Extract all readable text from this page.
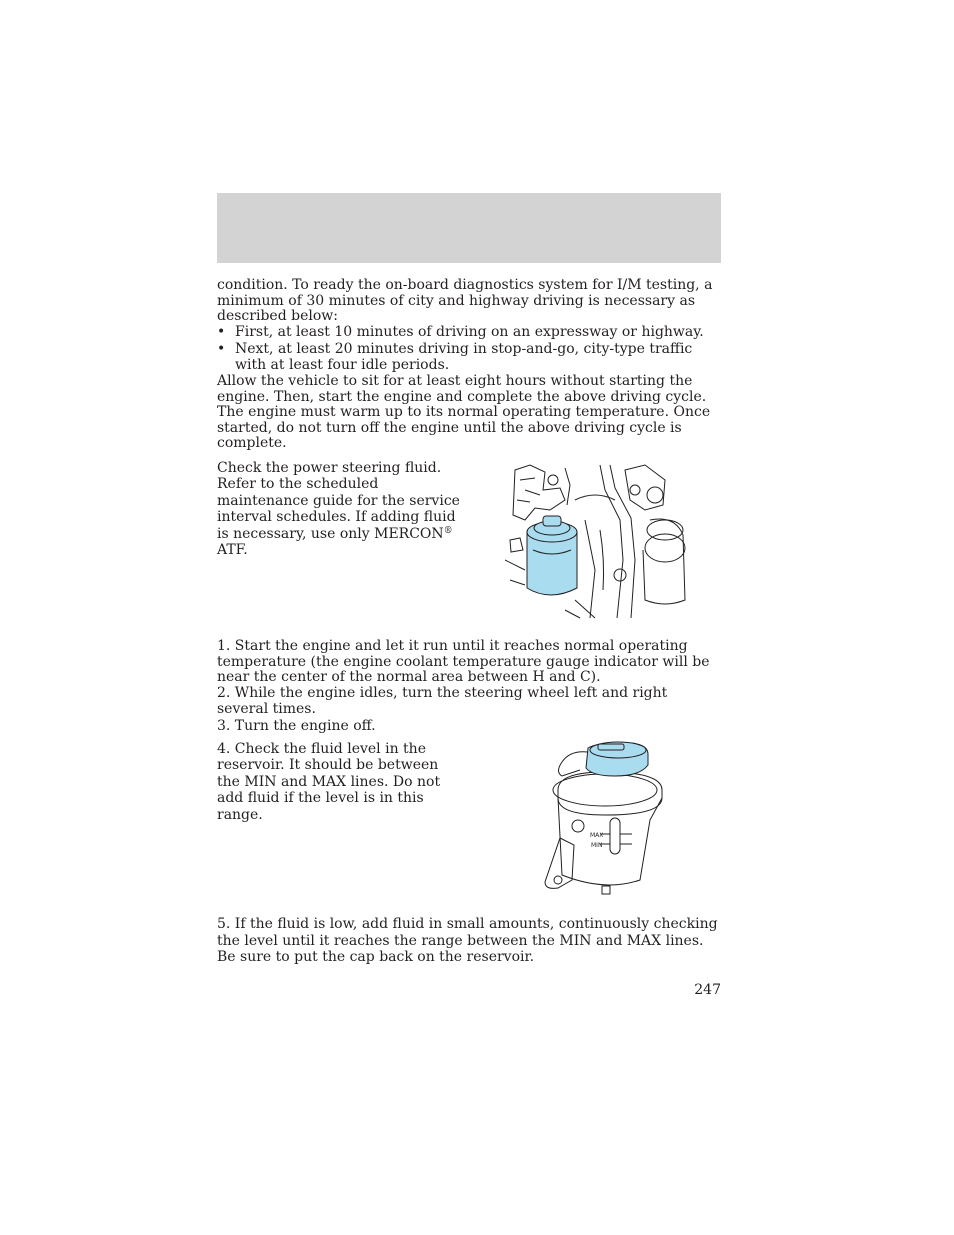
condition. To ready the on-board diagnostics system for I/M testing, a minimum of 30 minutes of city and highway driving is necessary as described below:
• First, at least 10 minutes of driving on an expressway or highway.
• Next, at least 20 minutes driving in stop-and-go, city-type traffic with at least four idle periods.
Allow the vehicle to sit for at least eight hours without starting the engine. Then, start the engine and complete the above driving cycle. The engine must warm up to its normal operating temperature. Once started, do not turn off the engine until the above driving cycle is complete.
Check the power steering fluid. Refer to the scheduled maintenance guide for the service interval schedules. If adding fluid is necessary, use only MERCON® ATF.
1. Start the engine and let it run until it reaches normal operating temperature (the engine coolant temperature gauge indicator will be near the center of the normal area between H and C).
2. While the engine idles, turn the steering wheel left and right several times.
3. Turn the engine off.
4. Check the fluid level in the reservoir. It should be between the MIN and MAX lines. Do not add fluid if the level is in this range.
MAX
MIN
5. If the fluid is low, add fluid in small amounts, continuously checking the level until it reaches the range between the MIN and MAX lines. Be sure to put the cap back on the reservoir.
247
